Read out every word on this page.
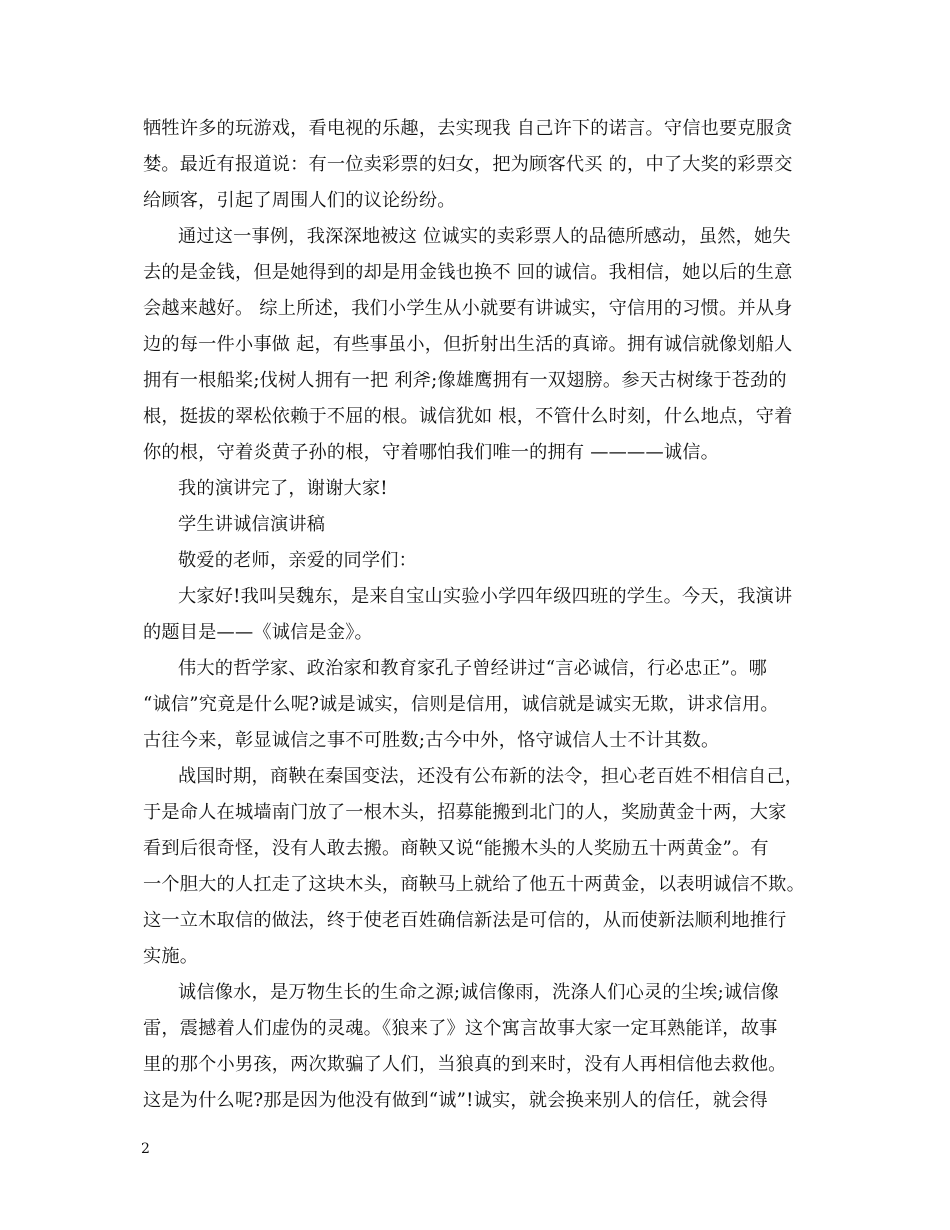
牺牲许多的玩游戏，看电视的乐趣，去实现我 自己许下的诺言。守信也要克服贪
婪。最近有报道说：有一位卖彩票的妇女，把为顾客代买 的，中了大奖的彩票交
给顾客，引起了周围人们的议论纷纷。
通过这一事例，我深深地被这 位诚实的卖彩票人的品德所感动，虽然，她失
去的是金钱，但是她得到的却是用金钱也换不 回的诚信。我相信，她以后的生意
会越来越好。 综上所述，我们小学生从小就要有讲诚实，守信用的习惯。并从身
边的每一件小事做 起，有些事虽小，但折射出生活的真谛。拥有诚信就像划船人
拥有一根船桨;伐树人拥有一把 利斧;像雄鹰拥有一双翅膀。参天古树缘于苍劲的
根，挺拔的翠松依赖于不屈的根。诚信犹如 根，不管什么时刻，什么地点，守着
你的根，守着炎黄子孙的根，守着哪怕我们唯一的拥有 ————诚信。
我的演讲完了，谢谢大家!
学生讲诚信演讲稿
敬爱的老师，亲爱的同学们：
大家好!我叫吴魏东，是来自宝山实验小学四年级四班的学生。今天，我演讲
的题目是——《诚信是金》。
伟大的哲学家、政治家和教育家孔子曾经讲过“言必诚信，行必忠正”。哪
“诚信”究竟是什么呢?诚是诚实，信则是信用，诚信就是诚实无欺，讲求信用。
古往今来，彰显诚信之事不可胜数;古今中外，恪守诚信人士不计其数。
战国时期，商鞅在秦国变法，还没有公布新的法令，担心老百姓不相信自己，
于是命人在城墙南门放了一根木头，招募能搬到北门的人，奖励黄金十两，大家
看到后很奇怪，没有人敢去搬。商鞅又说“能搬木头的人奖励五十两黄金”。有
一个胆大的人扛走了这块木头，商鞅马上就给了他五十两黄金，以表明诚信不欺。
这一立木取信的做法，终于使老百姓确信新法是可信的，从而使新法顺利地推行
实施。
诚信像水，是万物生长的生命之源;诚信像雨，洗涤人们心灵的尘埃;诚信像
雷，震撼着人们虚伪的灵魂。《狼来了》这个寓言故事大家一定耳熟能详，故事
里的那个小男孩，两次欺骗了人们，当狼真的到来时，没有人再相信他去救他。
这是为什么呢?那是因为他没有做到“诚”!诚实，就会换来别人的信任，就会得
2
